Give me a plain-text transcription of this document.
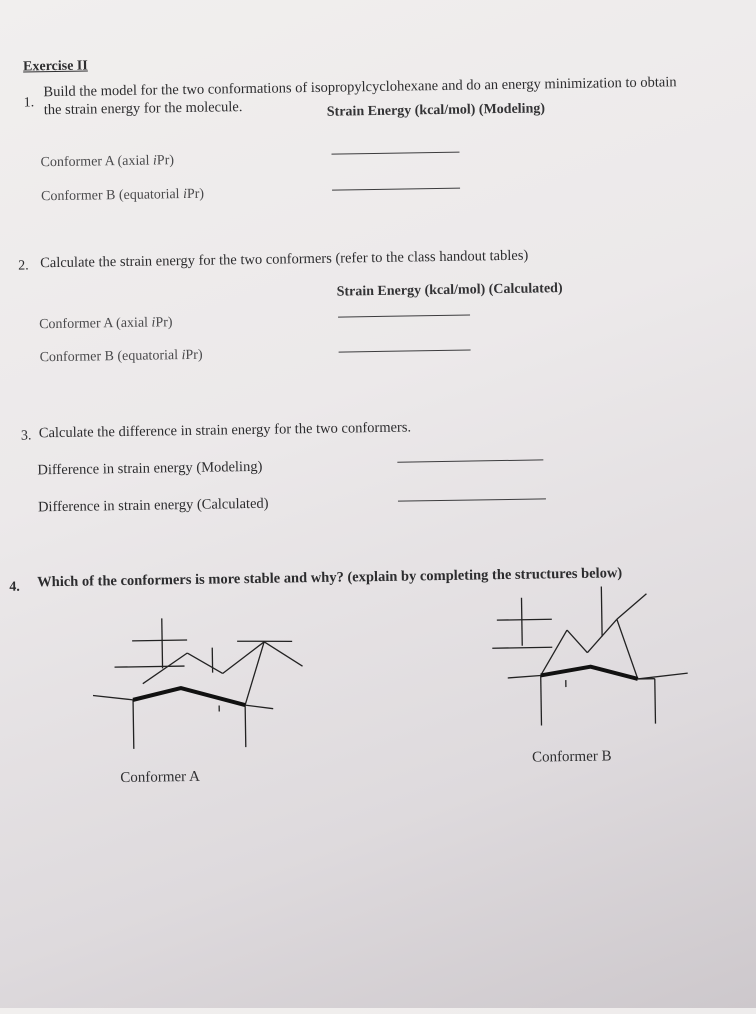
Exercise II
1.
Build the model for the two conformations of isopropylcyclohexane and do an energy minimization to obtain
the strain energy for the molecule.	Strain Energy (kcal/mol) (Modeling)
Conformer A (axial iPr)
Conformer B (equatorial iPr)
2. Calculate the strain energy for the two conformers (refer to the class handout tables)
Strain Energy (kcal/mol) (Calculated)
Conformer A (axial iPr)
Conformer B (equatorial iPr)
3. Calculate the difference in strain energy for the two conformers.
Difference in strain energy (Modeling)
Difference in strain energy (Calculated)
4. Which of the conformers is more stable and why? (explain by completing the structures below)
Conformer A
Conformer B
